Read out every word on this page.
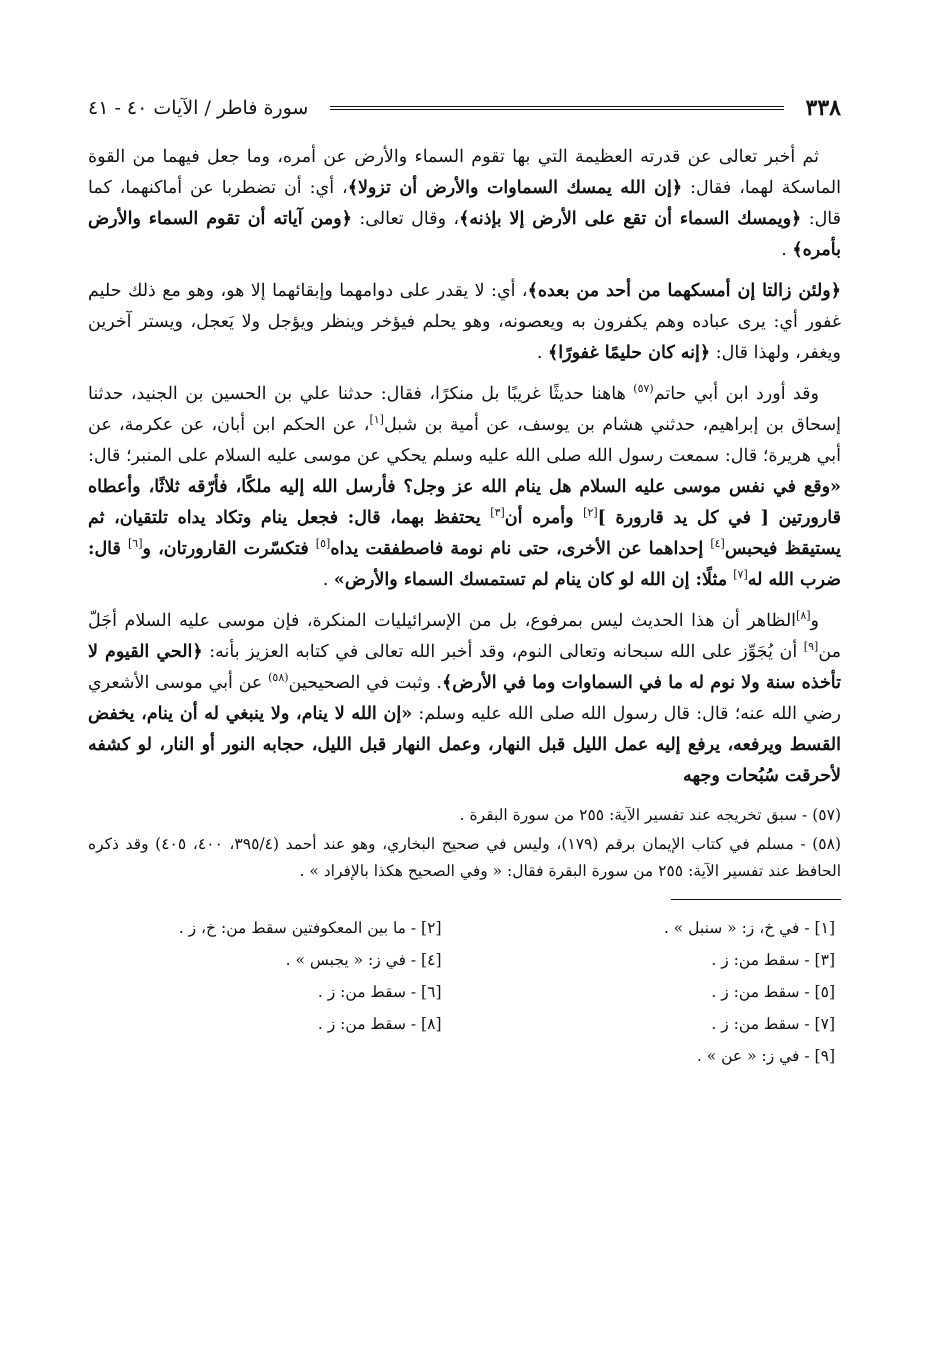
٣٣٨
سورة فاطر / الآيات ٤٠ - ٤١

ثم أخبر تعالى عن قدرته العظيمة التي بها تقوم السماء والأرض عن أمره، وما جعل فيهما من القوة الماسكة لهما، فقال: ﴿إن الله يمسك السماوات والأرض أن تزولا﴾، أي: أن تضطربا عن أماكنهما، كما قال: ﴿ويمسك السماء أن تقع على الأرض إلا بإذنه﴾، وقال تعالى: ﴿ومن آياته أن تقوم السماء والأرض بأمره﴾ .

﴿ولئن زالتا إن أمسكهما من أحد من بعده﴾، أي: لا يقدر على دوامهما وإبقائهما إلا هو، وهو مع ذلك حليم غفور أي: يرى عباده وهم يكفرون به ويعصونه، وهو يحلم فيؤخر وينظر ويؤجل ولا يَعجل، ويستر آخرين ويغفر، ولهذا قال: ﴿إنه كان حليمًا غفورًا﴾ .

وقد أورد ابن أبي حاتم$^{(٥٧)}$ هاهنا حديثًا غريبًا بل منكرًا، فقال: حدثنا علي بن الحسين بن الجنيد، حدثنا إسحاق بن إبراهيم، حدثني هشام بن يوسف، عن أمية بن شبل[١]، عن الحكم ابن أبان، عن عكرمة، عن أبي هريرة؛ قال: سمعت رسول الله صلى الله عليه وسلم يحكي عن موسى عليه السلام على المنبر؛ قال: «وقع في نفس موسى عليه السلام هل ينام الله عز وجل؟ فأرسل الله إليه ملكًا، فأرّقه ثلاثًا، وأعطاه قارورتين [ في كل يد قارورة ][٢] وأمره أن[٣] يحتفظ بهما، قال: فجعل ينام وتكاد يداه تلتقيان، ثم يستيقظ فيحبس[٤] إحداهما عن الأخرى، حتى نام نومة فاصطفقت يداه[٥] فتكسّرت القارورتان، و[٦] قال: ضرب الله له[٧] مثلًا: إن الله لو كان ينام لم تستمسك السماء والأرض» .

و[٨]الظاهر أن هذا الحديث ليس بمرفوع، بل من الإسرائيليات المنكرة، فإن موسى عليه السلام أجَلّ من[٩] أن يُجَوِّز على الله سبحانه وتعالى النوم، وقد أخبر الله تعالى في كتابه العزيز بأنه: ﴿الحي القيوم لا تأخذه سنة ولا نوم له ما في السماوات وما في الأرض﴾. وثبت في الصحيحين$^{(٥٨)}$ عن أبي موسى الأشعري رضي الله عنه؛ قال: قال رسول الله صلى الله عليه وسلم: «إن الله لا ينام، ولا ينبغي له أن ينام، يخفض القسط ويرفعه، يرفع إليه عمل الليل قبل النهار، وعمل النهار قبل الليل، حجابه النور أو النار، لو كشفه لأحرقت سُبُحات وجهه

(٥٧) - سبق تخريجه عند تفسير الآية: ٢٥٥ من سورة البقرة .

(٥٨) - مسلم في كتاب الإيمان برقم (١٧٩)، وليس في صحيح البخاري، وهو عند أحمد (٣٩٥/٤، ٤٠٠، ٤٠٥) وقد ذكره الحافظ عند تفسير الآية: ٢٥٥ من سورة البقرة فقال: « وفي الصحيح هكذا بالإفراد » .

[١] - في خ، ز: « سنبل » .
[٢] - ما بين المعكوفتين سقط من: خ، ز .
[٣] - سقط من: ز .
[٤] - في ز: « يجبس » .
[٥] - سقط من: ز .
[٦] - سقط من: ز .
[٧] - سقط من: ز .
[٨] - سقط من: ز .
[٩] - في ز: « عن » .
